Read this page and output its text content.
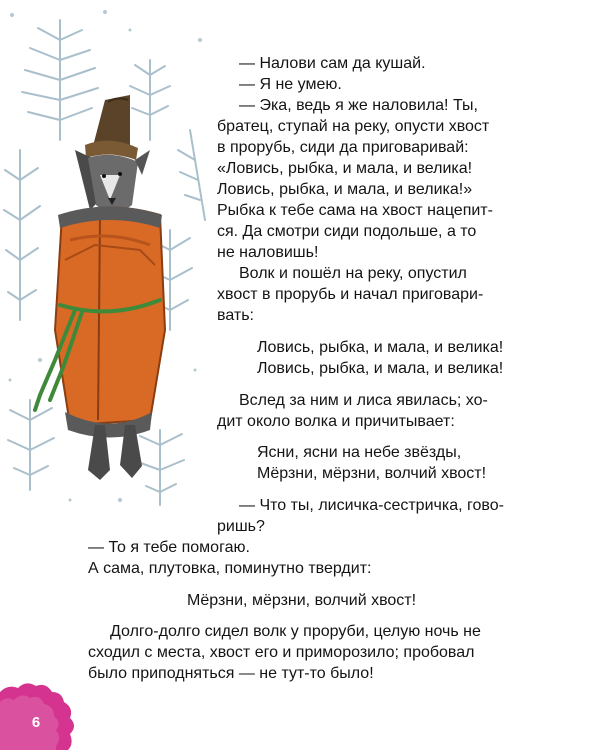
— Налови сам да кушай.

— Я не умею.

— Эка, ведь я же наловила! Ты,

братец, ступай на реку, опусти хвост

в прорубь, сиди да приговаривай:

«Ловись, рыбка, и мала, и велика!

Ловись, рыбка, и мала, и велика!»

Рыбка к тебе сама на хвост нацепит-

ся. Да смотри сиди подольше, а то

не наловишь!

Волк и пошёл на реку, опустил

хвост в прорубь и начал приговари-

вать:

Ловись, рыбка, и мала, и велика!

Ловись, рыбка, и мала, и велика!

Вслед за ним и лиса явилась; хо-

дит около волка и причитывает:

Ясни, ясни на небе звёзды,

Мёрзни, мёрзни, волчий хвост!

— Что ты, лисичка-сестричка, гово-

ришь?

— То я тебе помогаю.

А сама, плутовка, поминутно твердит:

Мёрзни, мёрзни, волчий хвост!

Долго-долго сидел волк у проруби, целую ночь не

сходил с места, хвост его и приморозило; пробовал

было приподняться — не тут-то было!

6
